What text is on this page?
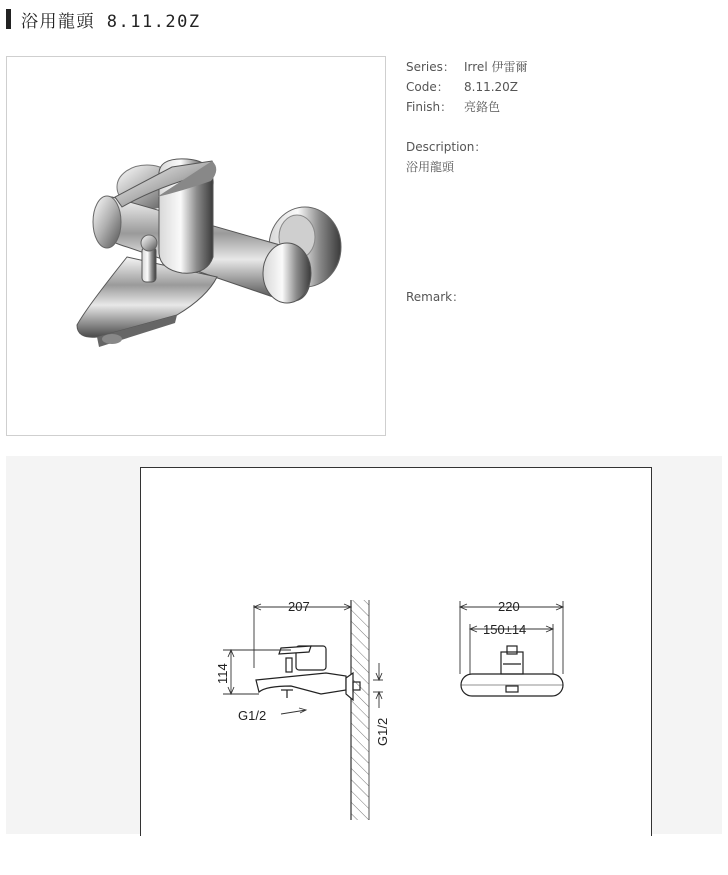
浴用龍頭 8.11.20Z
Series： Irrel 伊雷爾
Code：	8.11.20Z
Finish： 亮鉻色
Description：
浴用龍頭
Remark：
207
114
G1/2
G1/2
220
150±14
